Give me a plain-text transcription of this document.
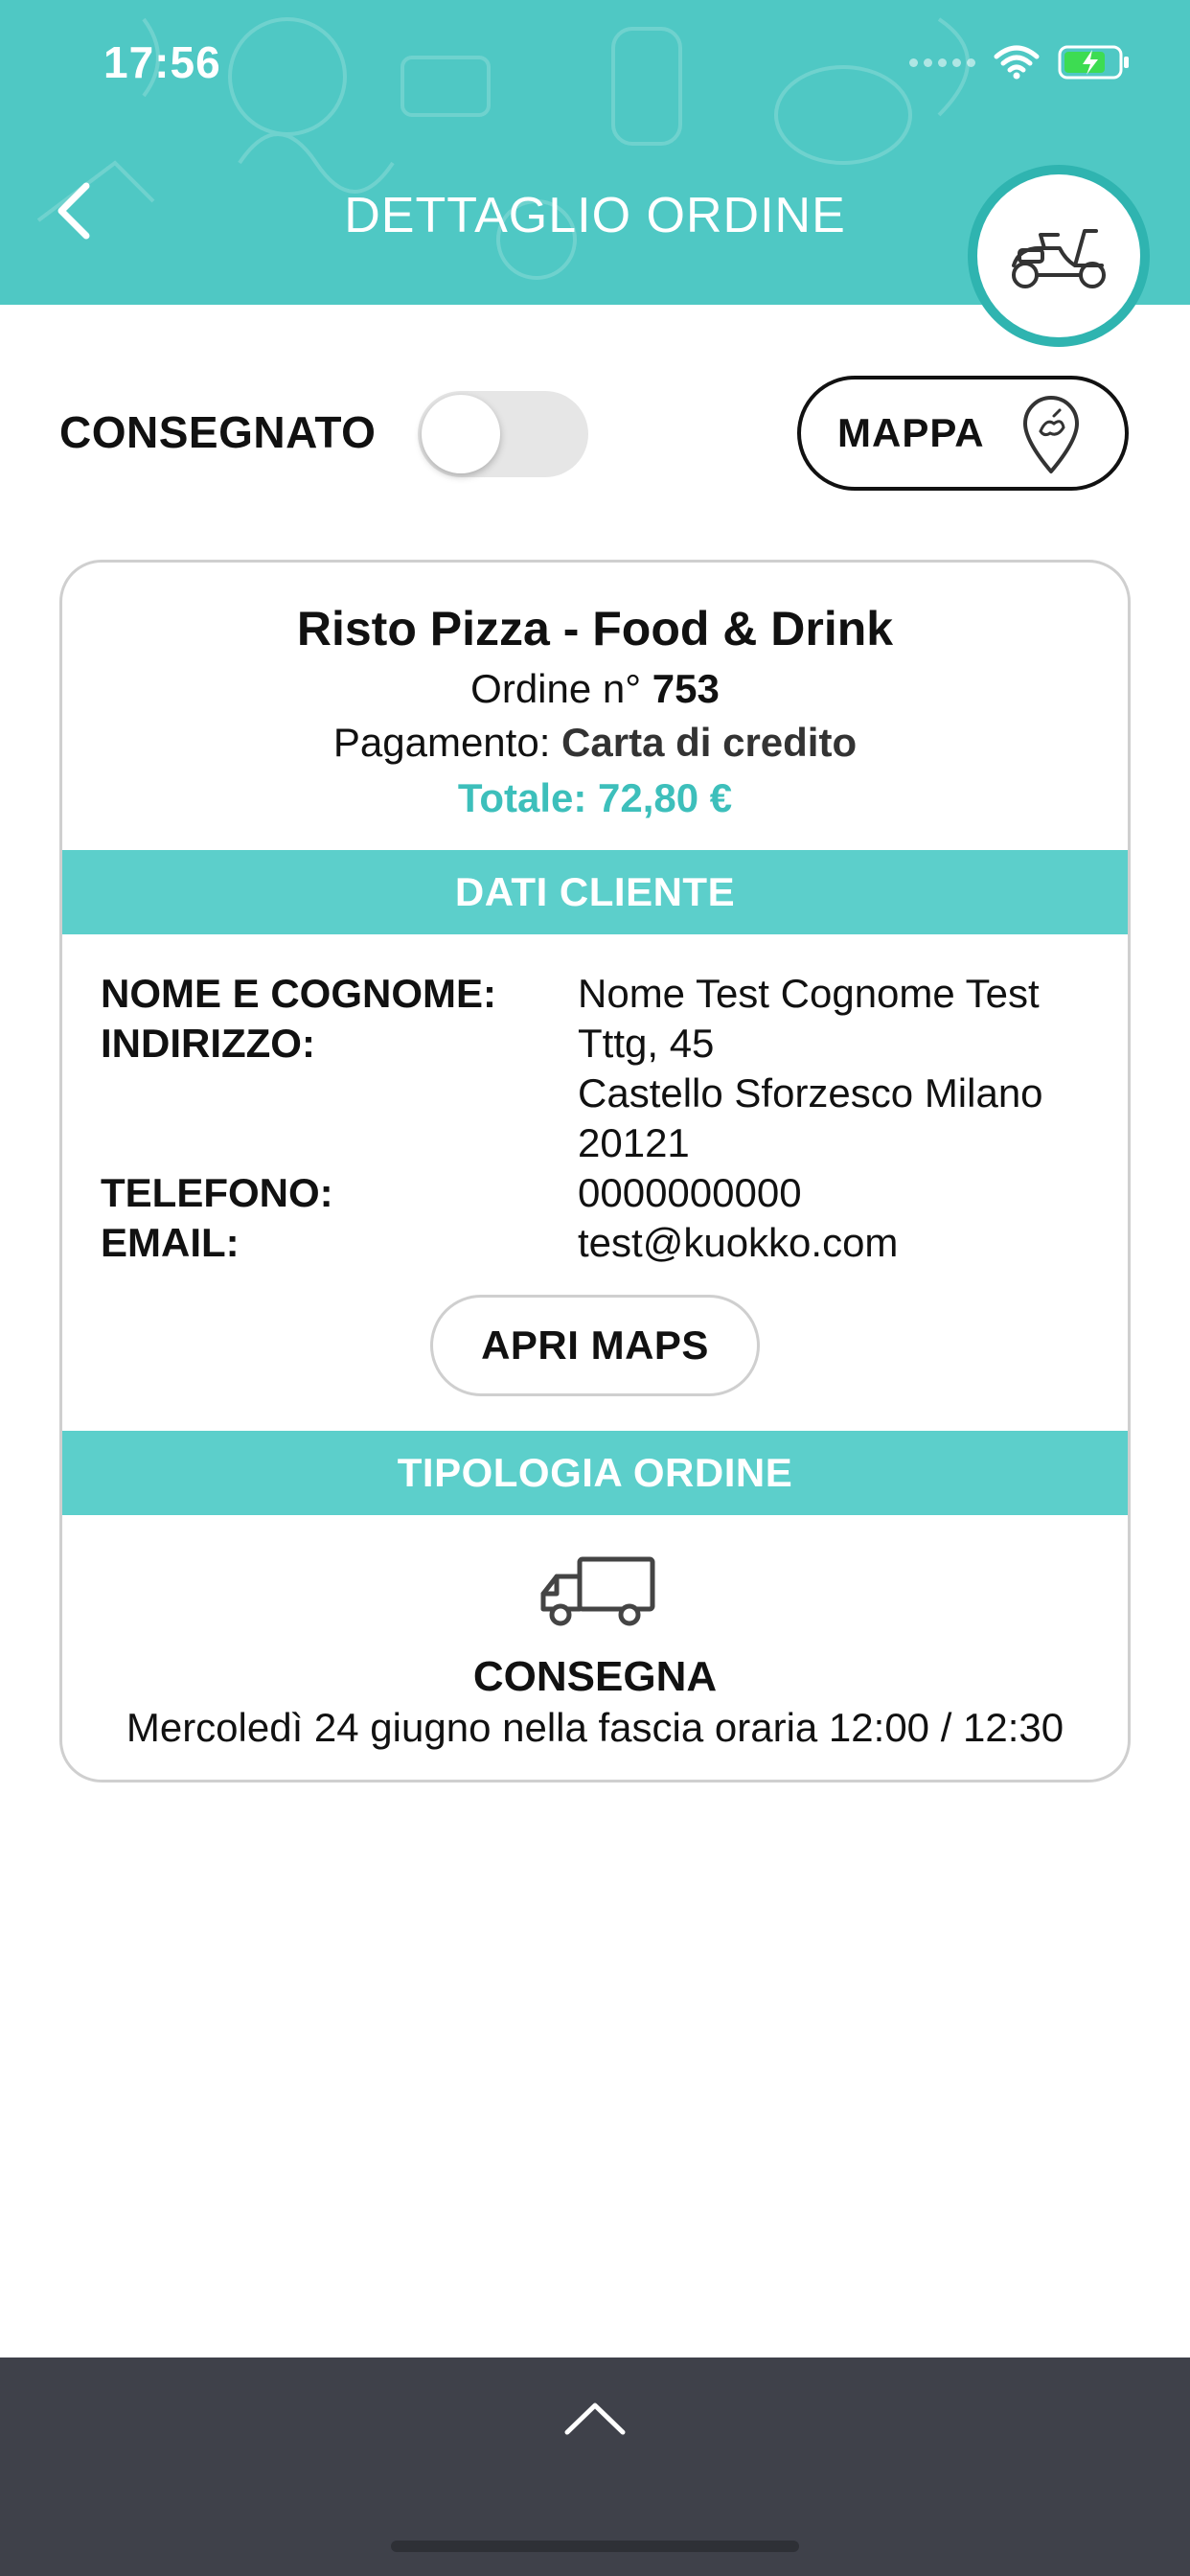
17:56
DETTAGLIO ORDINE
CONSEGNATO	MAPPA
Risto Pizza - Food & Drink
Ordine n° 753
Pagamento: Carta di credito
Totale: 72,80 €
DATI CLIENTE
NOME E COGNOME:	Nome Test Cognome Test
INDIRIZZO:	Tttg, 45
Castello Sforzesco Milano
20121
TELEFONO:	0000000000
EMAIL:	test@kuokko.com
APRI MAPS
TIPOLOGIA ORDINE
CONSEGNA
Mercoledì 24 giugno nella fascia oraria 12:00 / 12:30
